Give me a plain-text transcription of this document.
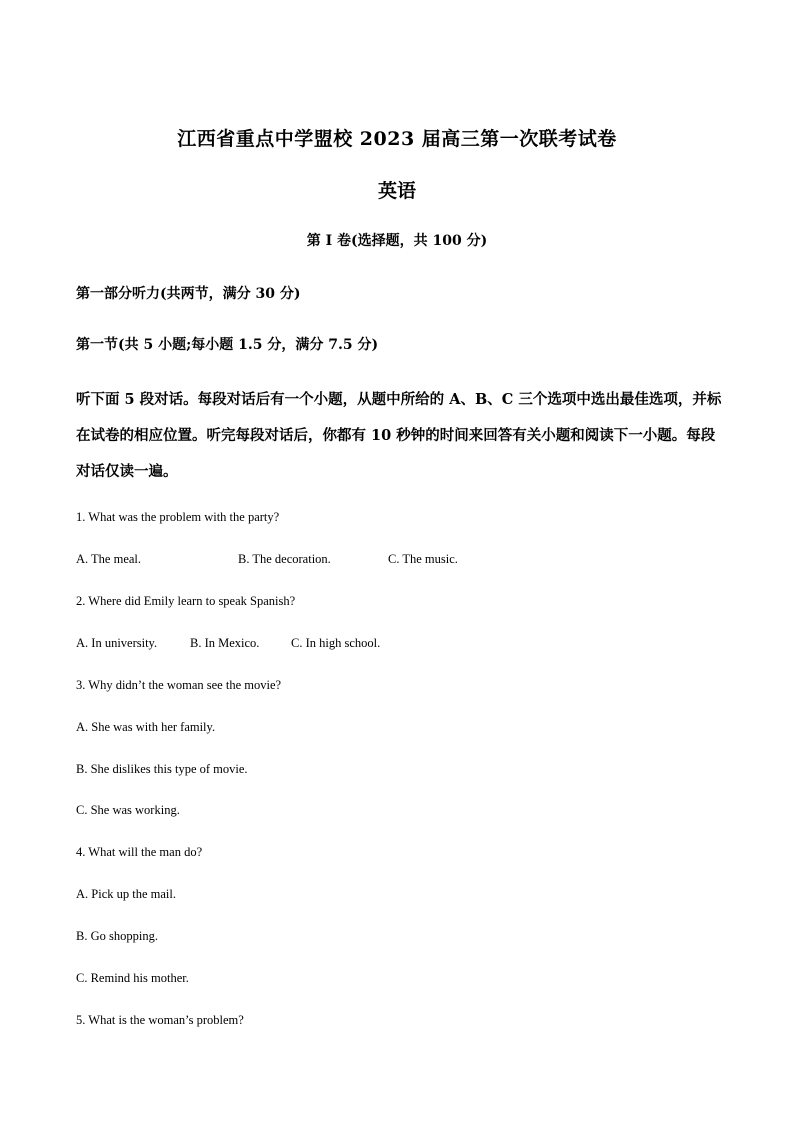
江西省重点中学盟校 2023 届高三第一次联考试卷
英语
第 I 卷(选择题，共 100 分)
第一部分听力(共两节，满分 30 分)
第一节(共 5 小题;每小题 1.5 分，满分 7.5 分)
听下面 5 段对话。每段对话后有一个小题，从题中所给的 A、B、C 三个选项中选出最佳选项，并标在试卷的相应位置。听完每段对话后，你都有 10 秒钟的时间来回答有关小题和阅读下一小题。每段对话仅读一遍。
1. What was the problem with the party?
A. The meal.	B. The decoration.	C. The music.
2. Where did Emily learn to speak Spanish?
A. In university.	B. In Mexico.	C. In high school.
3. Why didn’t the woman see the movie?
A. She was with her family.
B. She dislikes this type of movie.
C. She was working.
4. What will the man do?
A. Pick up the mail.
B. Go shopping.
C. Remind his mother.
5. What is the woman’s problem?
